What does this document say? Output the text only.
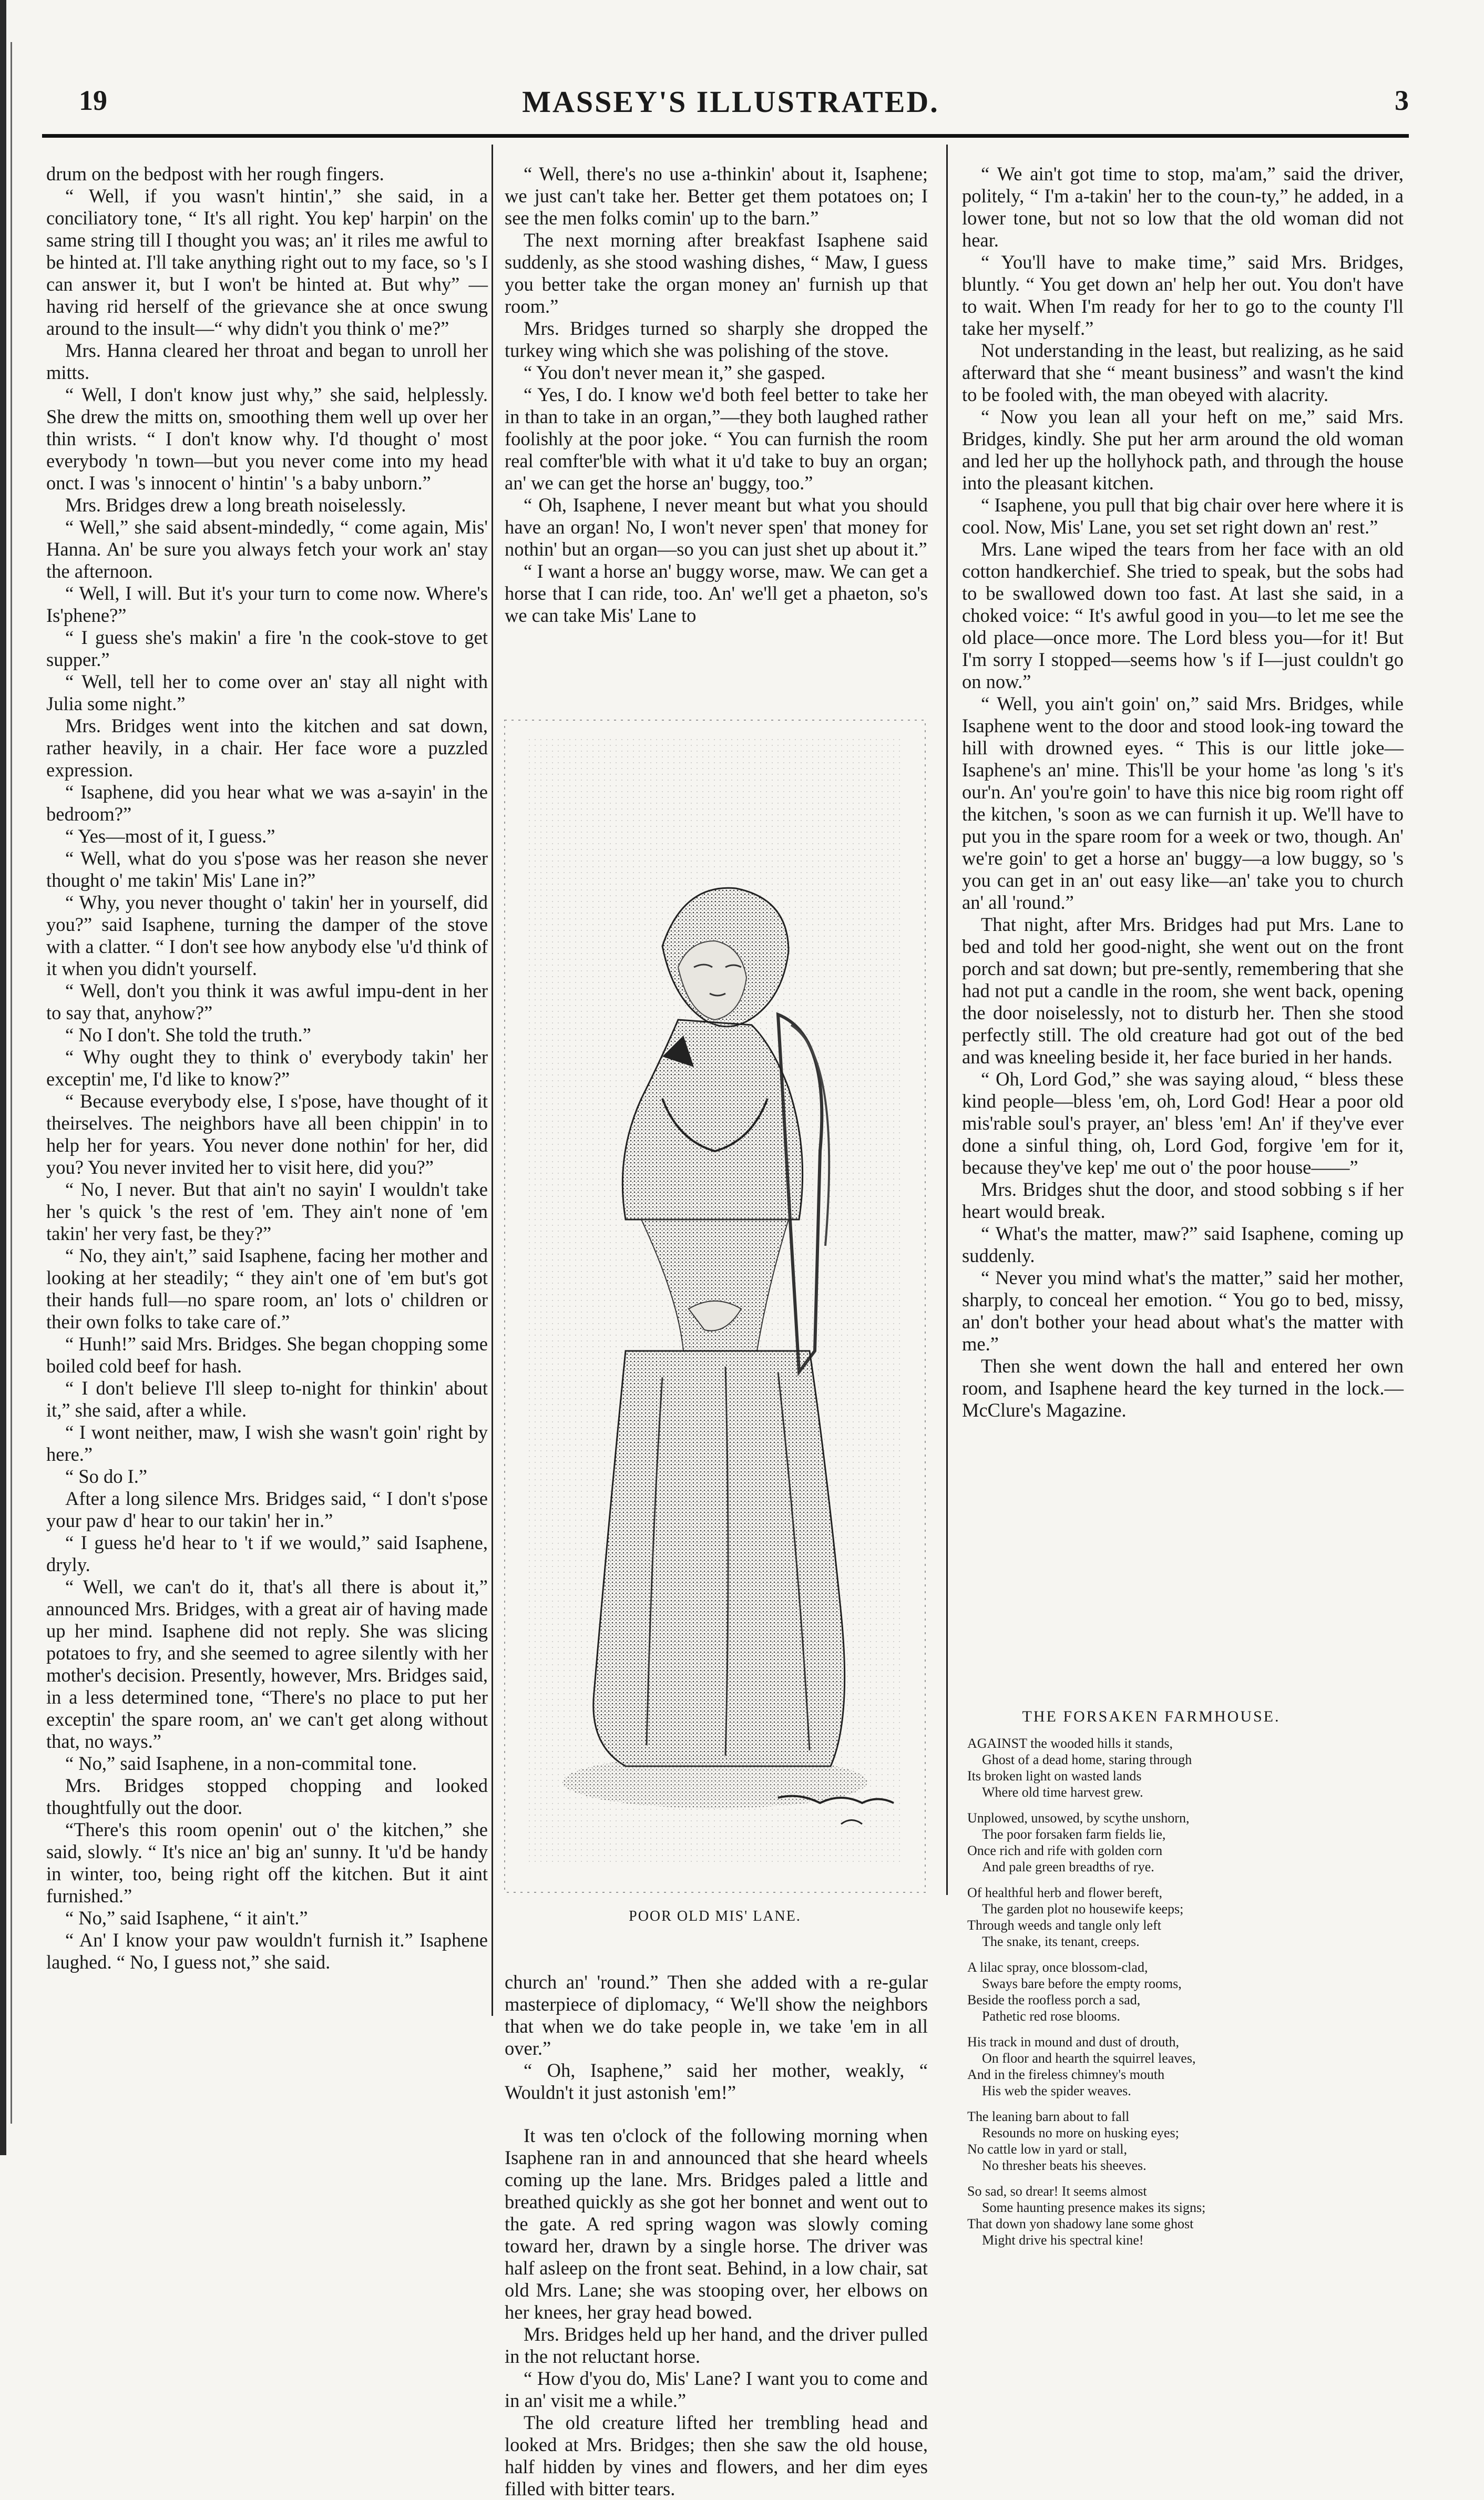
19	MASSEY'S ILLUSTRATED.	3

drum on the bedpost with her rough fingers.

“ Well, if you wasn't hintin',” she said, in a conciliatory tone, “ It's all right. You kep' harpin' on the same string till I thought you was; an' it riles me awful to be hinted at. I'll take anything right out to my face, so 's I can answer it, but I won't be hinted at. But why” —having rid herself of the grievance she at once swung around to the insult—“ why didn't you think o' me?”

Mrs. Hanna cleared her throat and began to unroll her mitts.

“ Well, I don't know just why,” she said, helplessly. She drew the mitts on, smoothing them well up over her thin wrists. “ I don't know why. I'd thought o' most everybody 'n town—but you never come into my head onct. I was 's innocent o' hintin' 's a baby unborn.”

Mrs. Bridges drew a long breath noiselessly.

“ Well,” she said absent-mindedly, “ come again, Mis' Hanna. An' be sure you always fetch your work an' stay the afternoon.

“ Well, I will. But it's your turn to come now. Where's Is'phene?”

“ I guess she's makin' a fire 'n the cook-stove to get supper.”

“ Well, tell her to come over an' stay all night with Julia some night.”

Mrs. Bridges went into the kitchen and sat down, rather heavily, in a chair. Her face wore a puzzled expression.

“ Isaphene, did you hear what we was a-sayin' in the bedroom?”

“ Yes—most of it, I guess.”

“ Well, what do you s'pose was her reason she never thought o' me takin' Mis' Lane in?”

“ Why, you never thought o' takin' her in yourself, did you?” said Isaphene, turning the damper of the stove with a clatter. “ I don't see how anybody else 'u'd think of it when you didn't yourself.

“ Well, don't you think it was awful impu-dent in her to say that, anyhow?”

“ No I don't. She told the truth.”

“ Why ought they to think o' everybody takin' her exceptin' me, I'd like to know?”

“ Because everybody else, I s'pose, have thought of it theirselves. The neighbors have all been chippin' in to help her for years. You never done nothin' for her, did you? You never invited her to visit here, did you?”

“ No, I never. But that ain't no sayin' I wouldn't take her 's quick 's the rest of 'em. They ain't none of 'em takin' her very fast, be they?”

“ No, they ain't,” said Isaphene, facing her mother and looking at her steadily; “ they ain't one of 'em but's got their hands full—no spare room, an' lots o' children or their own folks to take care of.”

“ Hunh!” said Mrs. Bridges. She began chopping some boiled cold beef for hash.

“ I don't believe I'll sleep to-night for thinkin' about it,” she said, after a while.

“ I wont neither, maw, I wish she wasn't goin' right by here.”

“ So do I.”

After a long silence Mrs. Bridges said, “ I don't s'pose your paw d' hear to our takin' her in.”

“ I guess he'd hear to 't if we would,” said Isaphene, dryly.

“ Well, we can't do it, that's all there is about it,” announced Mrs. Bridges, with a great air of having made up her mind. Isaphene did not reply. She was slicing potatoes to fry, and she seemed to agree silently with her mother's decision. Presently, however, Mrs. Bridges said, in a less determined tone, “There's no place to put her exceptin' the spare room, an' we can't get along without that, no ways.”

“ No,” said Isaphene, in a non-commital tone.

Mrs. Bridges stopped chopping and looked thoughtfully out the door.

“There's this room openin' out o' the kitchen,” she said, slowly. “ It's nice an' big an' sunny. It 'u'd be handy in winter, too, being right off the kitchen. But it aint furnished.”

“ No,” said Isaphene, “ it ain't.”

“ An' I know your paw wouldn't furnish it.” Isaphene laughed. “ No, I guess not,” she said.

“ Well, there's no use a-thinkin' about it, Isaphene; we just can't take her. Better get them potatoes on; I see the men folks comin' up to the barn.”

The next morning after breakfast Isaphene said suddenly, as she stood washing dishes, “ Maw, I guess you better take the organ money an' furnish up that room.”

Mrs. Bridges turned so sharply she dropped the turkey wing which she was polishing of the stove.

“ You don't never mean it,” she gasped.

“ Yes, I do. I know we'd both feel better to take her in than to take in an organ,”—they both laughed rather foolishly at the poor joke. “ You can furnish the room real comfter'ble with what it u'd take to buy an organ; an' we can get the horse an' buggy, too.”

“ Oh, Isaphene, I never meant but what you should have an organ! No, I won't never spen' that money for nothin' but an organ—so you can just shet up about it.”

“ I want a horse an' buggy worse, maw. We can get a horse that I can ride, too. An' we'll get a phaeton, so's we can take Mis' Lane to

POOR OLD MIS' LANE.

church an' 'round.” Then she added with a re-gular masterpiece of diplomacy, “ We'll show the neighbors that when we do take people in, we take 'em in all over.”

“ Oh, Isaphene,” said her mother, weakly, “ Wouldn't it just astonish 'em!”

It was ten o'clock of the following morning when Isaphene ran in and announced that she heard wheels coming up the lane. Mrs. Bridges paled a little and breathed quickly as she got her bonnet and went out to the gate. A red spring wagon was slowly coming toward her, drawn by a single horse. The driver was half asleep on the front seat. Behind, in a low chair, sat old Mrs. Lane; she was stooping over, her elbows on her knees, her gray head bowed.

Mrs. Bridges held up her hand, and the driver pulled in the not reluctant horse.

“ How d'you do, Mis' Lane? I want you to come and in an' visit me a while.”

The old creature lifted her trembling head and looked at Mrs. Bridges; then she saw the old house, half hidden by vines and flowers, and her dim eyes filled with bitter tears.

“ We ain't got time to stop, ma'am,” said the driver, politely, “ I'm a-takin' her to the coun-ty,” he added, in a lower tone, but not so low that the old woman did not hear.

“ You'll have to make time,” said Mrs. Bridges, bluntly. “ You get down an' help her out. You don't have to wait. When I'm ready for her to go to the county I'll take her myself.”

Not understanding in the least, but realizing, as he said afterward that she “ meant business” and wasn't the kind to be fooled with, the man obeyed with alacrity.

“ Now you lean all your heft on me,” said Mrs. Bridges, kindly. She put her arm around the old woman and led her up the hollyhock path, and through the house into the pleasant kitchen.

“ Isaphene, you pull that big chair over here where it is cool. Now, Mis' Lane, you set set right down an' rest.”

Mrs. Lane wiped the tears from her face with an old cotton handkerchief. She tried to speak, but the sobs had to be swallowed down too fast. At last she said, in a choked voice: “ It's awful good in you—to let me see the old place—once more. The Lord bless you—for it! But I'm sorry I stopped—seems how 's if I—just couldn't go on now.”

“ Well, you ain't goin' on,” said Mrs. Bridges, while Isaphene went to the door and stood look-ing toward the hill with drowned eyes. “ This is our little joke—Isaphene's an' mine. This'll be your home 'as long 's it's our'n. An' you're goin' to have this nice big room right off the kitchen, 's soon as we can furnish it up. We'll have to put you in the spare room for a week or two, though. An' we're goin' to get a horse an' buggy—a low buggy, so 's you can get in an' out easy like—an' take you to church an' all 'round.”

That night, after Mrs. Bridges had put Mrs. Lane to bed and told her good-night, she went out on the front porch and sat down; but pre-sently, remembering that she had not put a candle in the room, she went back, opening the door noiselessly, not to disturb her. Then she stood perfectly still. The old creature had got out of the bed and was kneeling beside it, her face buried in her hands.

“ Oh, Lord God,” she was saying aloud, “ bless these kind people—bless 'em, oh, Lord God! Hear a poor old mis'rable soul's prayer, an' bless 'em! An' if they've ever done a sinful thing, oh, Lord God, forgive 'em for it, because they've kep' me out o' the poor house——”

Mrs. Bridges shut the door, and stood sobbing s if her heart would break.

“ What's the matter, maw?” said Isaphene, coming up suddenly.

“ Never you mind what's the matter,” said her mother, sharply, to conceal her emotion. “ You go to bed, missy, an' don't bother your head about what's the matter with me.”

Then she went down the hall and entered her own room, and Isaphene heard the key turned in the lock.—McClure's Magazine.

THE FORSAKEN FARMHOUSE.
AGAINST the wooded hills it stands,
Ghost of a dead home, staring through
Its broken light on wasted lands
Where old time harvest grew.
Unplowed, unsowed, by scythe unshorn,
The poor forsaken farm fields lie,
Once rich and rife with golden corn
And pale green breadths of rye.
Of healthful herb and flower bereft,
The garden plot no housewife keeps;
Through weeds and tangle only left
The snake, its tenant, creeps.
A lilac spray, once blossom-clad,
Sways bare before the empty rooms,
Beside the roofless porch a sad,
Pathetic red rose blooms.
His track in mound and dust of drouth,
On floor and hearth the squirrel leaves,
And in the fireless chimney's mouth
His web the spider weaves.
The leaning barn about to fall
Resounds no more on husking eyes;
No cattle low in yard or stall,
No thresher beats his sheeves.
So sad, so drear! It seems almost
Some haunting presence makes its signs;
That down yon shadowy lane some ghost
Might drive his spectral kine!
